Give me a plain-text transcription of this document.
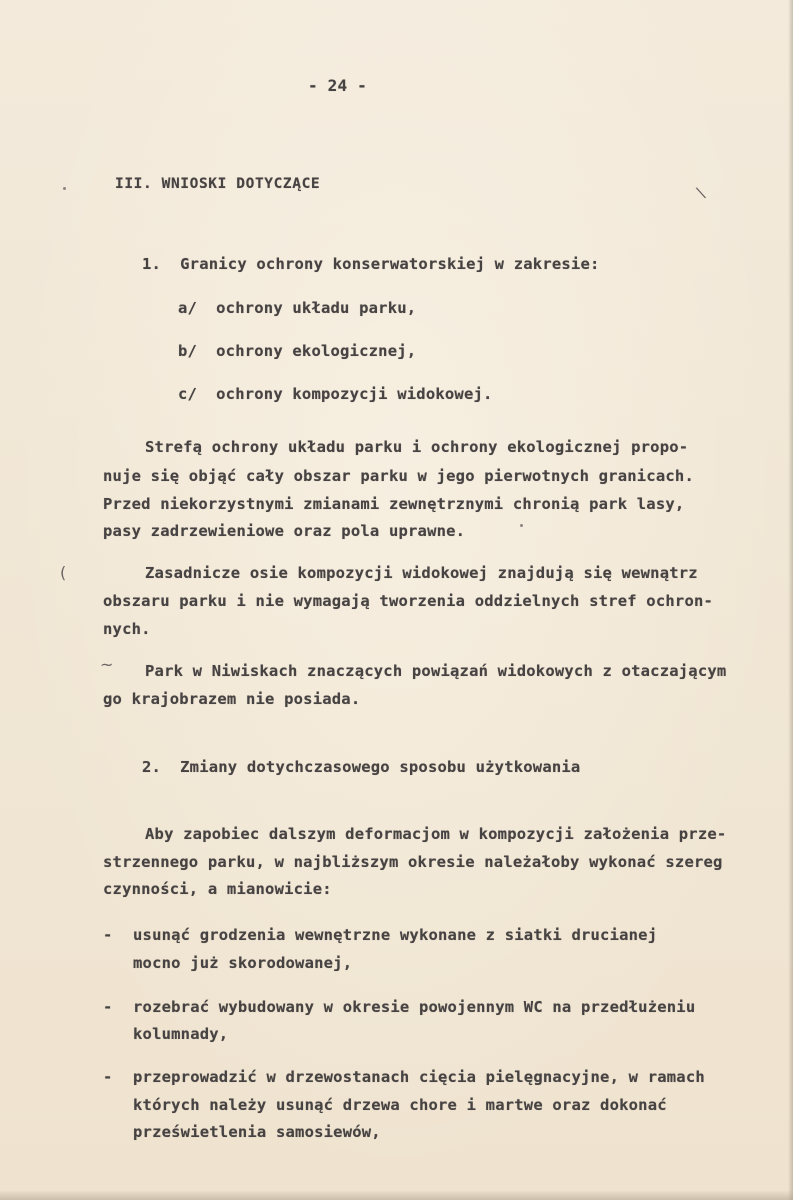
\
(
~
- 24 -
III. WNIOSKI DOTYCZĄCE
1.  Granicy ochrony konserwatorskiej w zakresie:
a/  ochrony układu parku,
b/  ochrony ekologicznej,
c/  ochrony kompozycji widokowej.
Strefą ochrony układu parku i ochrony ekologicznej propo-
nuje się objąć cały obszar parku w jego pierwotnych granicach.
Przed niekorzystnymi zmianami zewnętrznymi chronią park lasy,
pasy zadrzewieniowe oraz pola uprawne.
Zasadnicze osie kompozycji widokowej znajdują się wewnątrz
obszaru parku i nie wymagają tworzenia oddzielnych stref ochron-
nych.
Park w Niwiskach znaczących powiązań widokowych z otaczającym
go krajobrazem nie posiada.
2.  Zmiany dotychczasowego sposobu użytkowania
Aby zapobiec dalszym deformacjom w kompozycji założenia prze-
strzennego parku, w najbliższym okresie należałoby wykonać szereg
czynności, a mianowicie:
- usunąć grodzenia wewnętrzne wykonane z siatki drucianej
mocno już skorodowanej,
- rozebrać wybudowany w okresie powojennym WC na przedłużeniu
kolumnady,
- przeprowadzić w drzewostanach cięcia pielęgnacyjne, w ramach
których należy usunąć drzewa chore i martwe oraz dokonać
prześwietlenia samosiewów,
